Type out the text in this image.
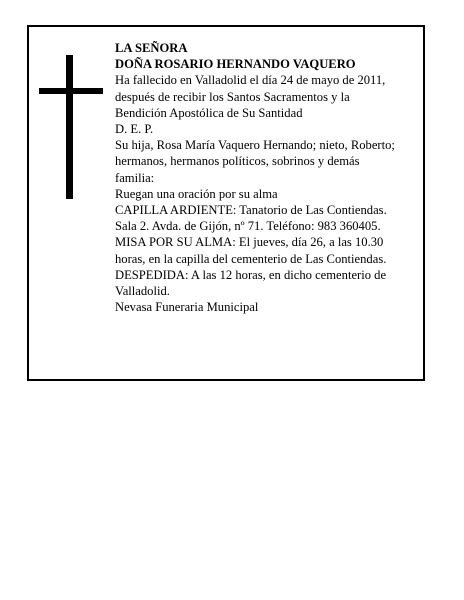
LA SEÑORA
DOÑA ROSARIO HERNANDO VAQUERO
Ha fallecido en Valladolid el día 24 de mayo de 2011,
después de recibir los Santos Sacramentos y la
Bendición Apostólica de Su Santidad
D. E. P.
Su hija, Rosa María Vaquero Hernando; nieto, Roberto;
hermanos, hermanos políticos, sobrinos y demás
familia:
Ruegan una oración por su alma
CAPILLA ARDIENTE: Tanatorio de Las Contiendas.
Sala 2. Avda. de Gijón, nº 71. Teléfono: 983 360405.
MISA POR SU ALMA: El jueves, día 26, a las 10.30
horas, en la capilla del cementerio de Las Contiendas.
DESPEDIDA: A las 12 horas, en dicho cementerio de
Valladolid.
Nevasa Funeraria Municipal
